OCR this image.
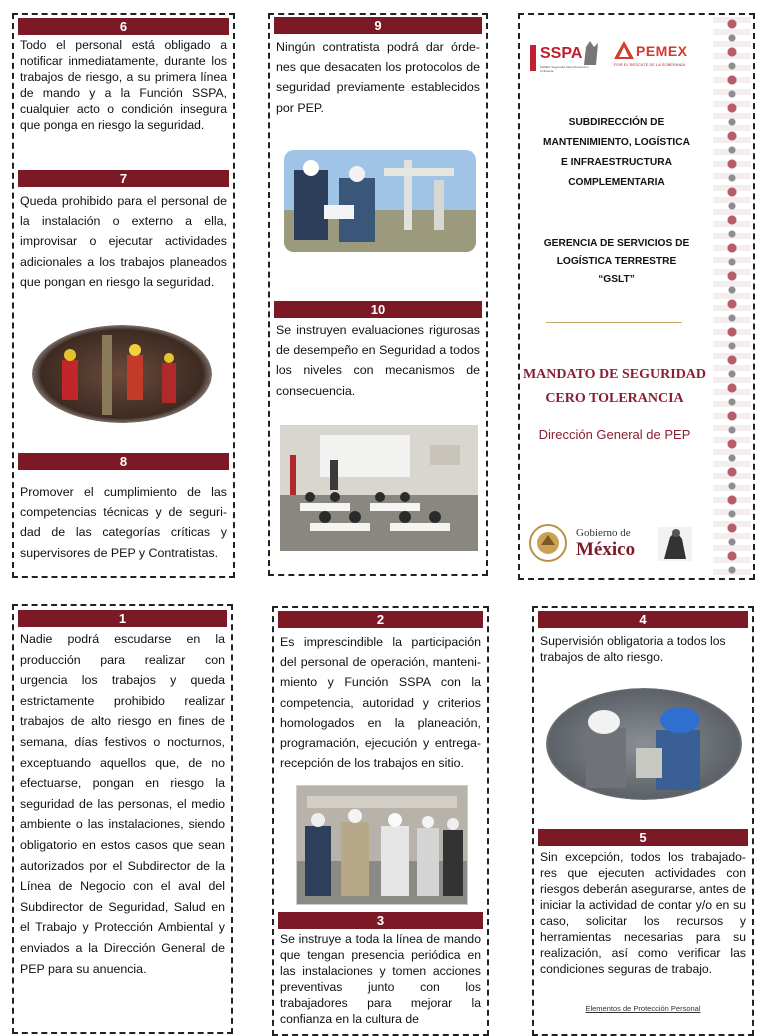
6

Todo el personal está obligado a notificar inmediatamente, durante los trabajos de riesgo, a su primera línea de mando y a la Función SSPA, cualquier acto o condición insegura que ponga en riesgo la seguridad.

7

Queda prohibido para el personal de la instalación o externo a ella, improvisar o ejecutar actividades adicionales a los trabajos planeados que pongan en riesgo la seguridad.

8

Promover el cumplimiento de las competencias técnicas y de seguri-dad de las categorías críticas y supervisores de PEP y Contratistas.

9

Ningún contratista podrá dar órde-nes que desacaten los protocolos de seguridad previamente establecidos por PEP.

10

Se instruyen evaluaciones rigurosas de desempeño en Seguridad a todos los niveles con mecanismos de consecuencia.

SSPA
PEMEX Seguridad Salud Protección Ambiental
PEMEX
POR EL RESCATE DE LA SOBERANÍA
SUBDIRECCIÓN DE
MANTENIMIENTO, LOGÍSTICA
E INFRAESTRUCTURA
COMPLEMENTARIA
GERENCIA DE SERVICIOS DE
LOGÍSTICA TERRESTRE
“GSLT”
MANDATO DE SEGURIDAD
CERO TOLERANCIA
Dirección General de PEP
Gobierno de
México
1

Nadie podrá escudarse en la producción para realizar con urgencia los trabajos y queda estrictamente prohibido realizar trabajos de alto riesgo en fines de semana, días festivos o nocturnos, exceptuando aquellos que, de no efectuarse, pongan en riesgo la seguridad de las personas, el medio ambiente o las instalaciones, siendo obligatorio en estos casos que sean autorizados por el Subdirector de la Línea de Negocio con el aval del Subdirector de Seguridad, Salud en el Trabajo y Protección Ambiental y enviados a la Dirección General de PEP para su anuencia.

2

Es imprescindible la participación del personal de operación, manteni-miento y Función SSPA con la competencia, autoridad y criterios homologados en la planeación, programación, ejecución y entrega-recepción de los trabajos en sitio.

3

Se instruye a toda la línea de mando que tengan presencia periódica en las instalaciones y tomen acciones preventivas junto con los trabajadores para mejorar la confianza en la cultura de

4

Supervisión obligatoria a todos los trabajos de alto riesgo.

5

Sin excepción, todos los trabajado-res que ejecuten actividades con riesgos deberán asegurarse, antes de iniciar la actividad de contar y/o en su caso, solicitar los recursos y herramientas necesarias para su realización, así como verificar las condiciones seguras de trabajo.

Elementos de Protección Personal
